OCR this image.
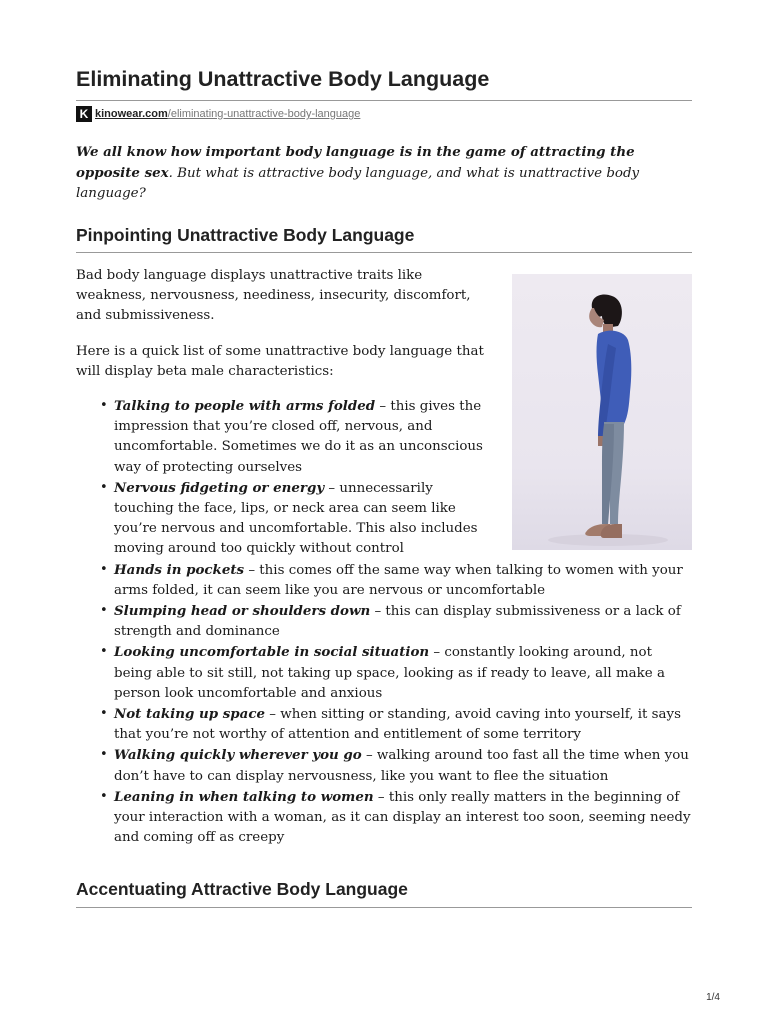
Eliminating Unattractive Body Language
K kinowear.com /eliminating-unattractive-body-language

We all know how important body language is in the game of attracting the opposite sex. But what is attractive body language, and what is unattractive body language?

Pinpointing Unattractive Body Language

Bad body language displays unattractive traits like weakness, nervousness, neediness, insecurity, discomfort, and submissiveness.

Here is a quick list of some unattractive body language that will display beta male characteristics:

• Talking to people with arms folded – this gives the impression that you’re closed off, nervous, and uncomfortable. Sometimes we do it as an unconscious way of protecting ourselves
• Nervous fidgeting or energy – unnecessarily touching the face, lips, or neck area can seem like you’re nervous and uncomfortable. This also includes moving around too quickly without control
• Hands in pockets – this comes off the same way when talking to women with your arms folded, it can seem like you are nervous or uncomfortable
• Slumping head or shoulders down – this can display submissiveness or a lack of strength and dominance
• Looking uncomfortable in social situation – constantly looking around, not being able to sit still, not taking up space, looking as if ready to leave, all make a person look uncomfortable and anxious
• Not taking up space – when sitting or standing, avoid caving into yourself, it says that you’re not worthy of attention and entitlement of some territory
• Walking quickly wherever you go – walking around too fast all the time when you don’t have to can display nervousness, like you want to flee the situation
• Leaning in when talking to women – this only really matters in the beginning of your interaction with a woman, as it can display an interest too soon, seeming needy and coming off as creepy
Accentuating Attractive Body Language
1/4
